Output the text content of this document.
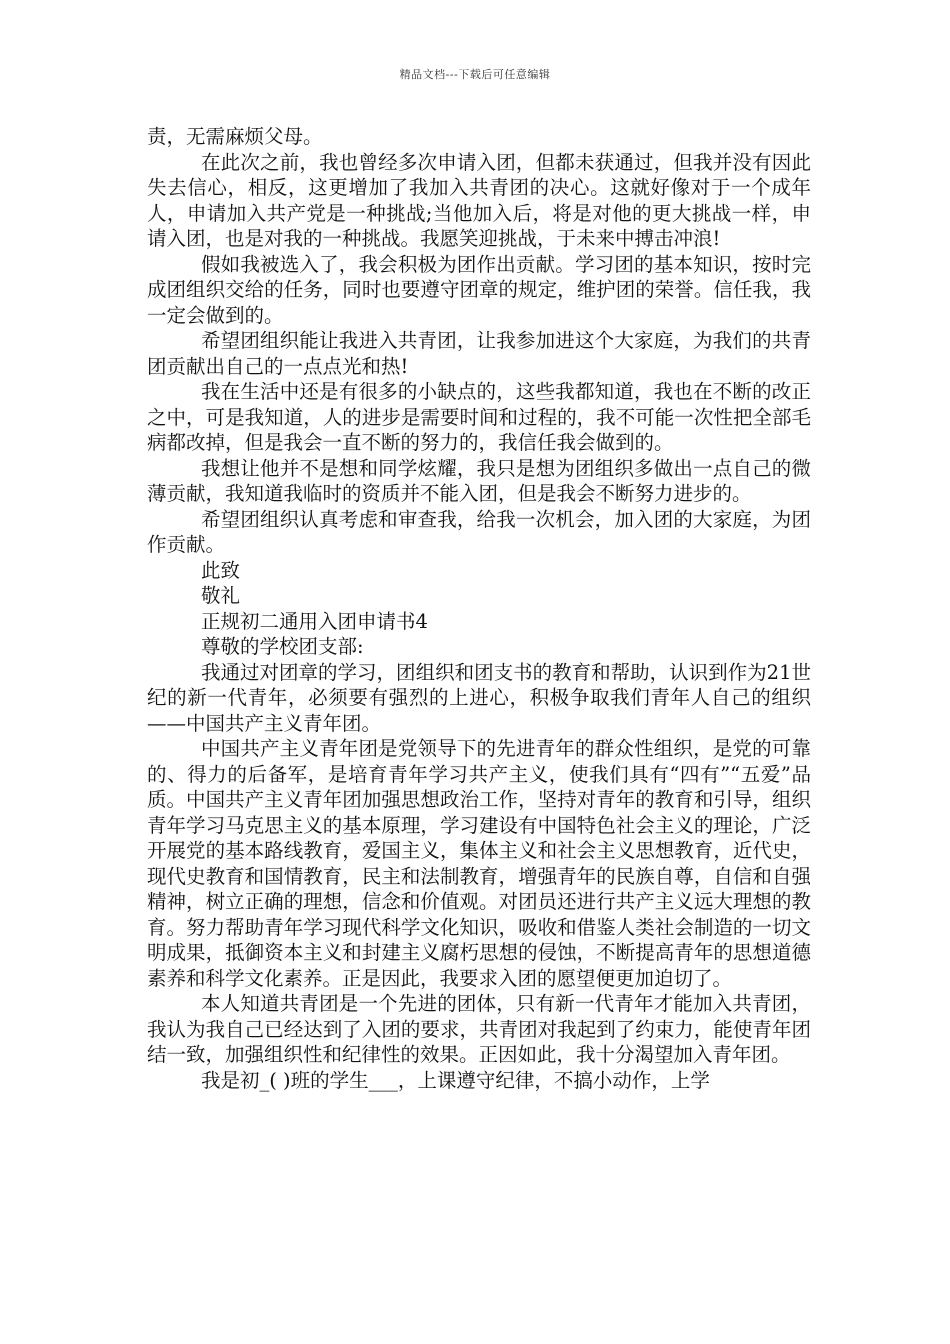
精品文档---下载后可任意编辑

责，无需麻烦父母。

在此次之前，我也曾经多次申请入团，但都未获通过，但我并没有因此失去信心，相反，这更增加了我加入共青团的决心。这就好像对于一个成年人，申请加入共产党是一种挑战;当他加入后，将是对他的更大挑战一样，申请入团，也是对我的一种挑战。我愿笑迎挑战，于未来中搏击冲浪!

假如我被选入了，我会积极为团作出贡献。学习团的基本知识，按时完成团组织交给的任务，同时也要遵守团章的规定，维护团的荣誉。信任我，我一定会做到的。

希望团组织能让我进入共青团，让我参加进这个大家庭，为我们的共青团贡献出自己的一点点光和热!

我在生活中还是有很多的小缺点的，这些我都知道，我也在不断的改正之中，可是我知道，人的进步是需要时间和过程的，我不可能一次性把全部毛病都改掉，但是我会一直不断的努力的，我信任我会做到的。

我想让他并不是想和同学炫耀，我只是想为团组织多做出一点自己的微薄贡献，我知道我临时的资质并不能入团，但是我会不断努力进步的。

希望团组织认真考虑和审查我，给我一次机会，加入团的大家庭，为团作贡献。

此致

敬礼

正规初二通用入团申请书4

尊敬的学校团支部:

我通过对团章的学习，团组织和团支书的教育和帮助，认识到作为21世纪的新一代青年，必须要有强烈的上进心，积极争取我们青年人自己的组织——中国共产主义青年团。

中国共产主义青年团是党领导下的先进青年的群众性组织，是党的可靠的、得力的后备军，是培育青年学习共产主义，使我们具有“四有”“五爱”品质。中国共产主义青年团加强思想政治工作，坚持对青年的教育和引导，组织青年学习马克思主义的基本原理，学习建设有中国特色社会主义的理论，广泛开展党的基本路线教育，爱国主义，集体主义和社会主义思想教育，近代史，现代史教育和国情教育，民主和法制教育，增强青年的民族自尊，自信和自强精神，树立正确的理想，信念和价值观。对团员还进行共产主义远大理想的教育。努力帮助青年学习现代科学文化知识，吸收和借鉴人类社会制造的一切文明成果，抵御资本主义和封建主义腐朽思想的侵蚀，不断提高青年的思想道德素养和科学文化素养。正是因此，我要求入团的愿望便更加迫切了。

本人知道共青团是一个先进的团体，只有新一代青年才能加入共青团，我认为我自己已经达到了入团的要求，共青团对我起到了约束力，能使青年团结一致，加强组织性和纪律性的效果。正因如此，我十分渴望加入青年团。

我是初_( )班的学生___，上课遵守纪律，不搞小动作，上学
